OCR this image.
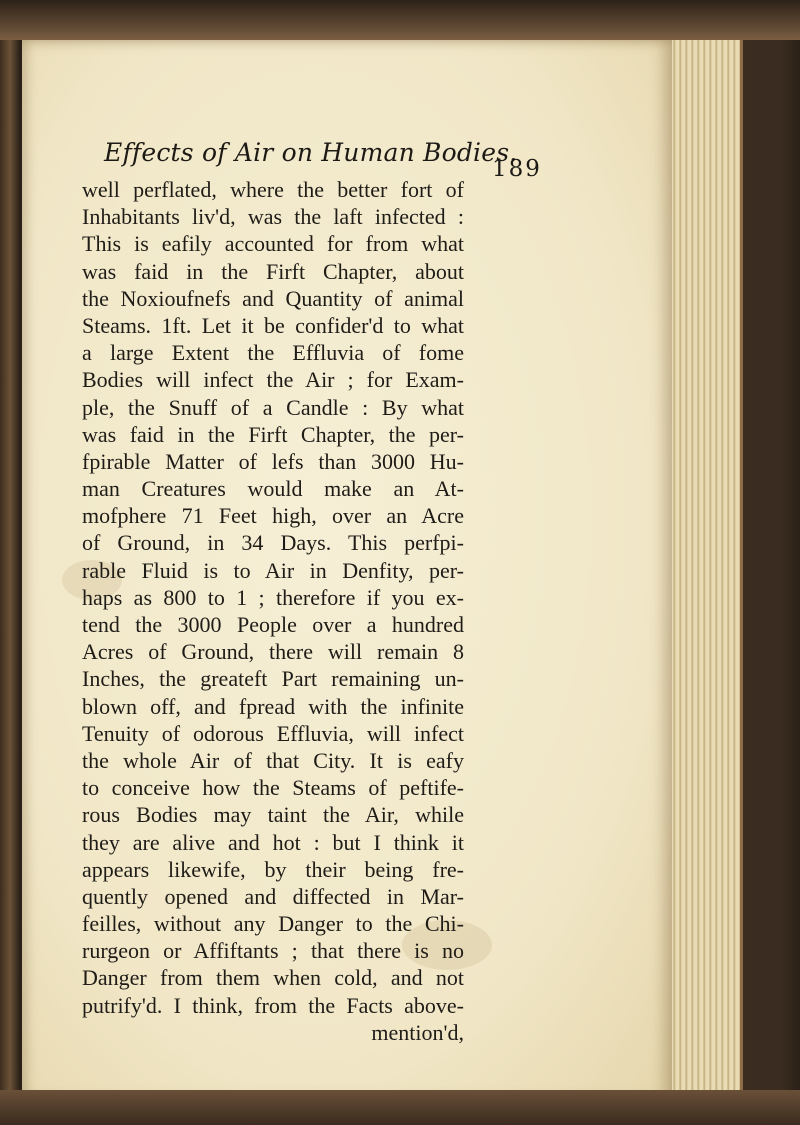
Effects of Air on Human Bodies.
189
well perflated, where the better fort of
Inhabitants liv'd, was the laft infected :
This is eafily accounted for from what
was faid in the Firft Chapter, about
the Noxioufnefs and Quantity of animal
Steams. 1ft. Let it be confider'd to what
a large Extent the Effluvia of fome
Bodies will infect the Air ; for Exam-
ple, the Snuff of a Candle : By what
was faid in the Firft Chapter, the per-
fpirable Matter of lefs than 3000 Hu-
man Creatures would make an At-
mofphere 71 Feet high, over an Acre
of Ground, in 34 Days. This perfpi-
rable Fluid is to Air in Denfity, per-
haps as 800 to 1 ; therefore if you ex-
tend the 3000 People over a hundred
Acres of Ground, there will remain 8
Inches, the greateft Part remaining un-
blown off, and fpread with the infinite
Tenuity of odorous Effluvia, will infect
the whole Air of that City. It is eafy
to conceive how the Steams of peftife-
rous Bodies may taint the Air, while
they are alive and hot : but I think it
appears likewife, by their being fre-
quently opened and diffected in Mar-
feilles, without any Danger to the Chi-
rurgeon or Affiftants ; that there is no
Danger from them when cold, and not
putrify'd. I think, from the Facts above-
mention'd,
